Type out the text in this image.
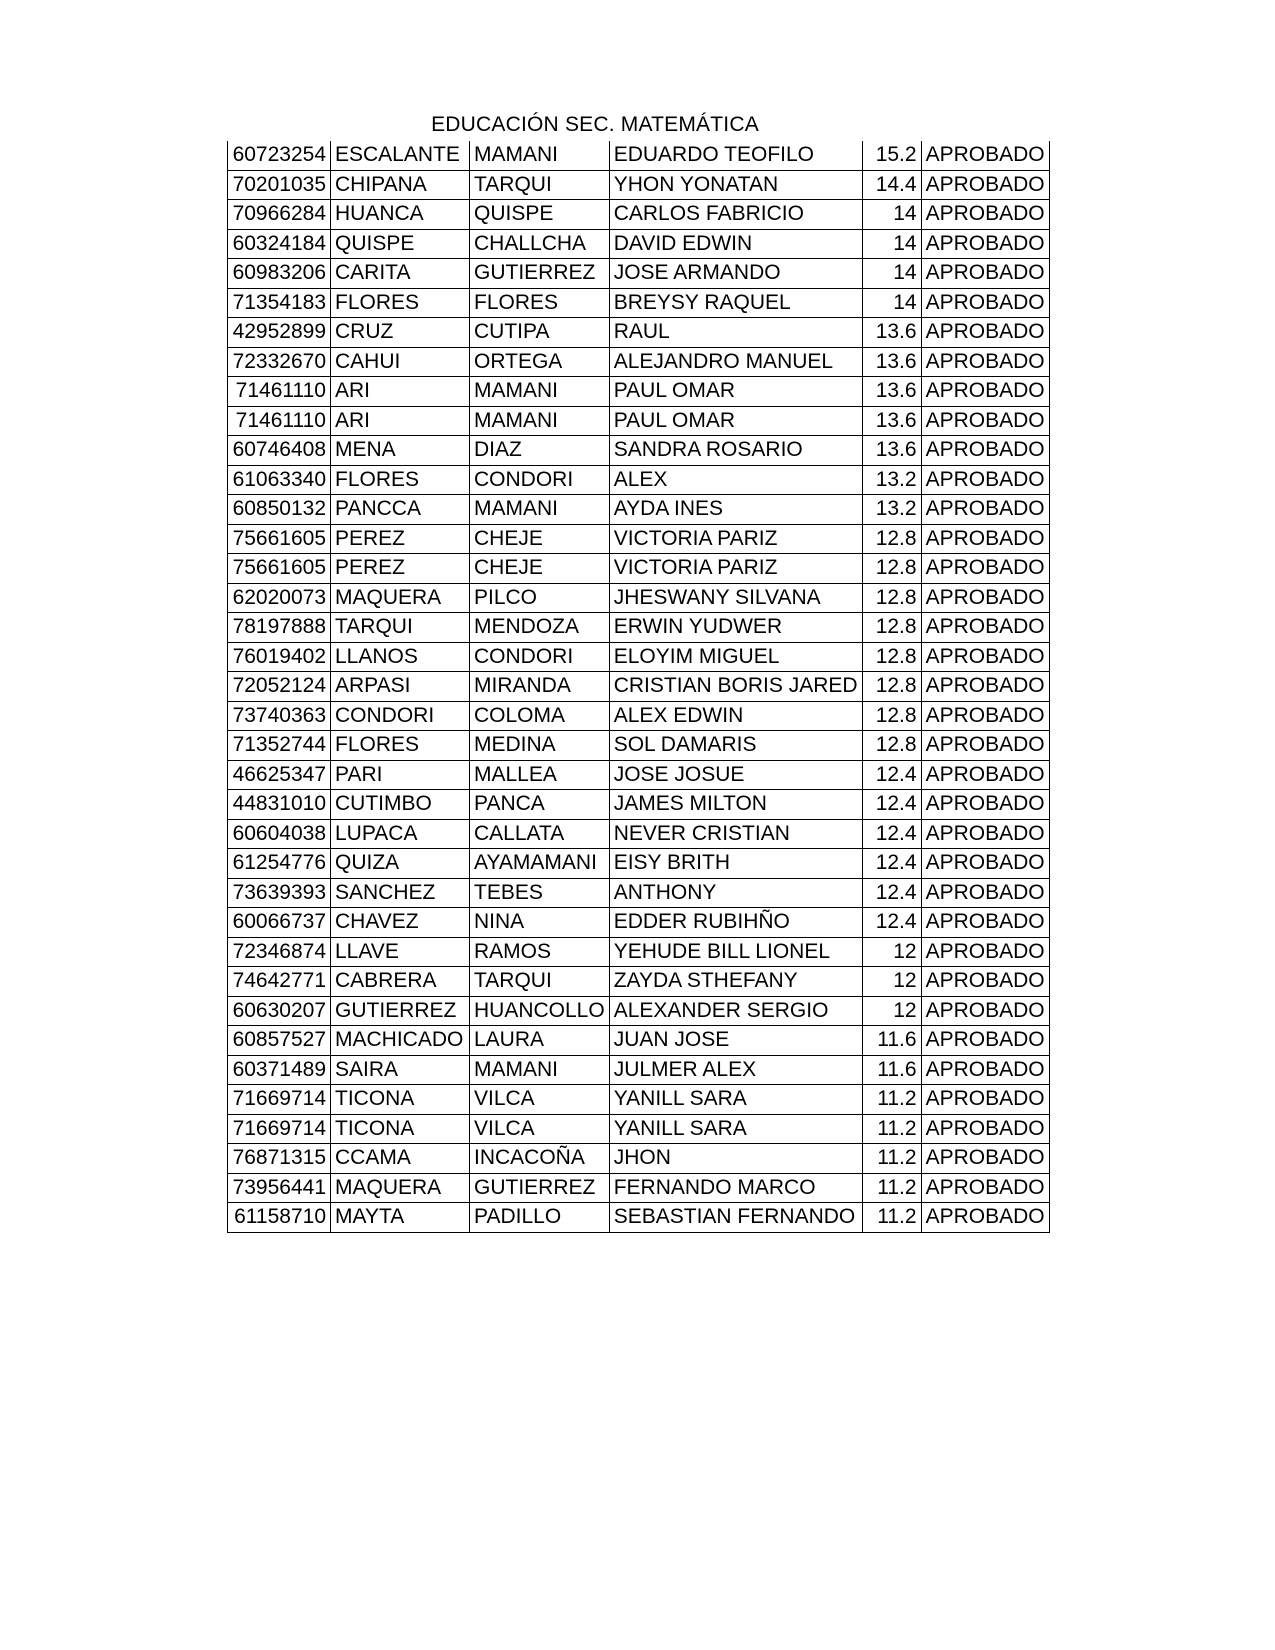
EDUCACIÓN SEC. MATEMÁTICA
60723254	ESCALANTE	MAMANI	EDUARDO TEOFILO	15.2	APROBADO
70201035	CHIPANA	TARQUI	YHON YONATAN	14.4	APROBADO
70966284	HUANCA	QUISPE	CARLOS FABRICIO	14	APROBADO
60324184	QUISPE	CHALLCHA	DAVID EDWIN	14	APROBADO
60983206	CARITA	GUTIERREZ	JOSE ARMANDO	14	APROBADO
71354183	FLORES	FLORES	BREYSY RAQUEL	14	APROBADO
42952899	CRUZ	CUTIPA	RAUL	13.6	APROBADO
72332670	CAHUI	ORTEGA	ALEJANDRO MANUEL	13.6	APROBADO
71461110	ARI	MAMANI	PAUL OMAR	13.6	APROBADO
71461110	ARI	MAMANI	PAUL OMAR	13.6	APROBADO
60746408	MENA	DIAZ	SANDRA ROSARIO	13.6	APROBADO
61063340	FLORES	CONDORI	ALEX	13.2	APROBADO
60850132	PANCCA	MAMANI	AYDA INES	13.2	APROBADO
75661605	PEREZ	CHEJE	VICTORIA PARIZ	12.8	APROBADO
75661605	PEREZ	CHEJE	VICTORIA PARIZ	12.8	APROBADO
62020073	MAQUERA	PILCO	JHESWANY SILVANA	12.8	APROBADO
78197888	TARQUI	MENDOZA	ERWIN YUDWER	12.8	APROBADO
76019402	LLANOS	CONDORI	ELOYIM MIGUEL	12.8	APROBADO
72052124	ARPASI	MIRANDA	CRISTIAN BORIS JARED	12.8	APROBADO
73740363	CONDORI	COLOMA	ALEX EDWIN	12.8	APROBADO
71352744	FLORES	MEDINA	SOL DAMARIS	12.8	APROBADO
46625347	PARI	MALLEA	JOSE JOSUE	12.4	APROBADO
44831010	CUTIMBO	PANCA	JAMES MILTON	12.4	APROBADO
60604038	LUPACA	CALLATA	NEVER CRISTIAN	12.4	APROBADO
61254776	QUIZA	AYAMAMANI	EISY BRITH	12.4	APROBADO
73639393	SANCHEZ	TEBES	ANTHONY	12.4	APROBADO
60066737	CHAVEZ	NINA	EDDER RUBIHÑO	12.4	APROBADO
72346874	LLAVE	RAMOS	YEHUDE BILL LIONEL	12	APROBADO
74642771	CABRERA	TARQUI	ZAYDA STHEFANY	12	APROBADO
60630207	GUTIERREZ	HUANCOLLO	ALEXANDER SERGIO	12	APROBADO
60857527	MACHICADO	LAURA	JUAN JOSE	11.6	APROBADO
60371489	SAIRA	MAMANI	JULMER ALEX	11.6	APROBADO
71669714	TICONA	VILCA	YANILL SARA	11.2	APROBADO
71669714	TICONA	VILCA	YANILL SARA	11.2	APROBADO
76871315	CCAMA	INCACOÑA	JHON	11.2	APROBADO
73956441	MAQUERA	GUTIERREZ	FERNANDO MARCO	11.2	APROBADO
61158710	MAYTA	PADILLO	SEBASTIAN FERNANDO	11.2	APROBADO
